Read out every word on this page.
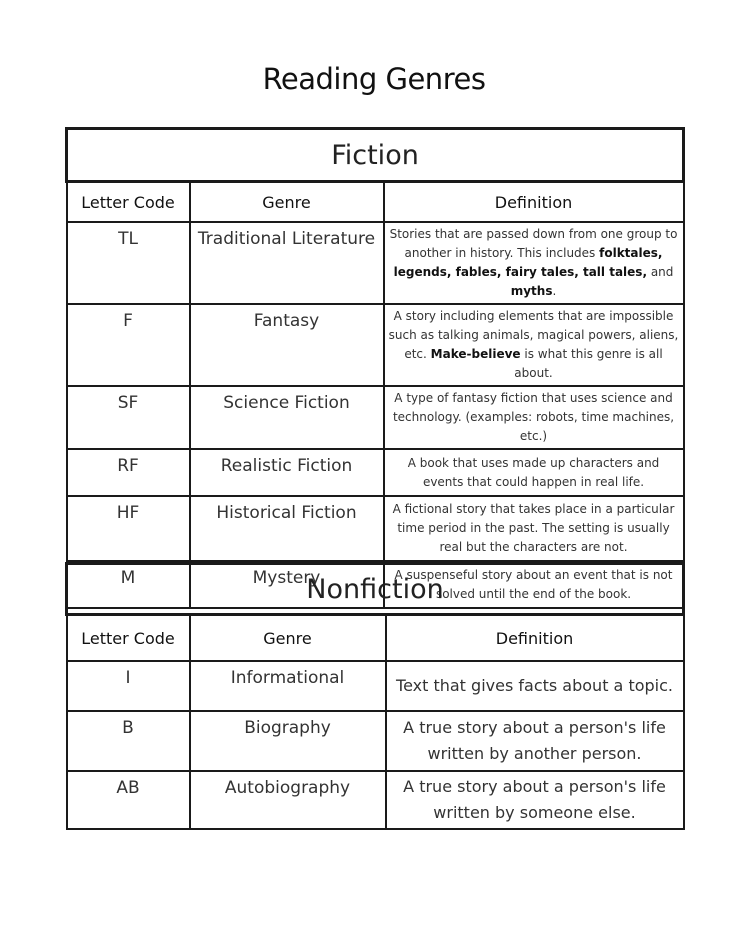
Reading Genres
Fiction		
Letter Code	Genre	Definition
TL	Traditional Literature	Stories that are passed down from one group to another in history. This includes folktales, legends, fables, fairy tales, tall tales, and myths.
F	Fantasy	A story including elements that are impossible such as talking animals, magical powers, aliens, etc. Make-believe is what this genre is all about.
SF	Science Fiction	A type of fantasy fiction that uses science and technology. (examples: robots, time machines, etc.)
RF	Realistic Fiction	A book that uses made up characters and events that could happen in real life.
HF	Historical Fiction	A fictional story that takes place in a particular time period in the past. The setting is usually real but the characters are not.
M	Mystery	A suspenseful story about an event that is not solved until the end of the book.
Nonfiction		
Letter Code	Genre	Definition
I	Informational	Text that gives facts about a topic.
B	Biography	A true story about a person's life written by another person.
AB	Autobiography	A true story about a person's life written by someone else.
